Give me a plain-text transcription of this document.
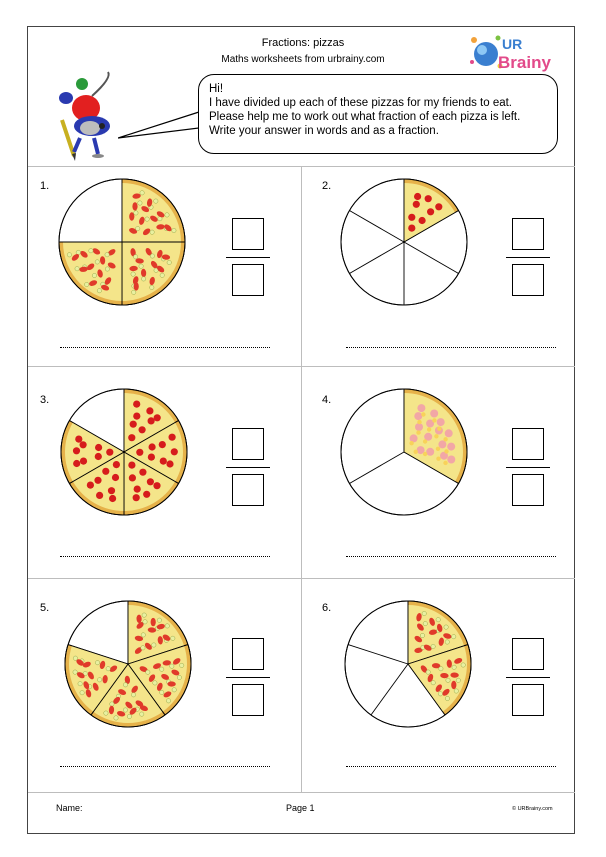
Fractions: pizzas
Maths worksheets from urbrainy.com
UR
Brainy

Hi!

I have divided up each of these pizzas for my friends to eat.

Please help me to work out what fraction of each pizza is left.

Write your answer in words and as a fraction.

1.	2.
3.	4.
5.	6.
Name:	Page 1	© URBrainy.com
